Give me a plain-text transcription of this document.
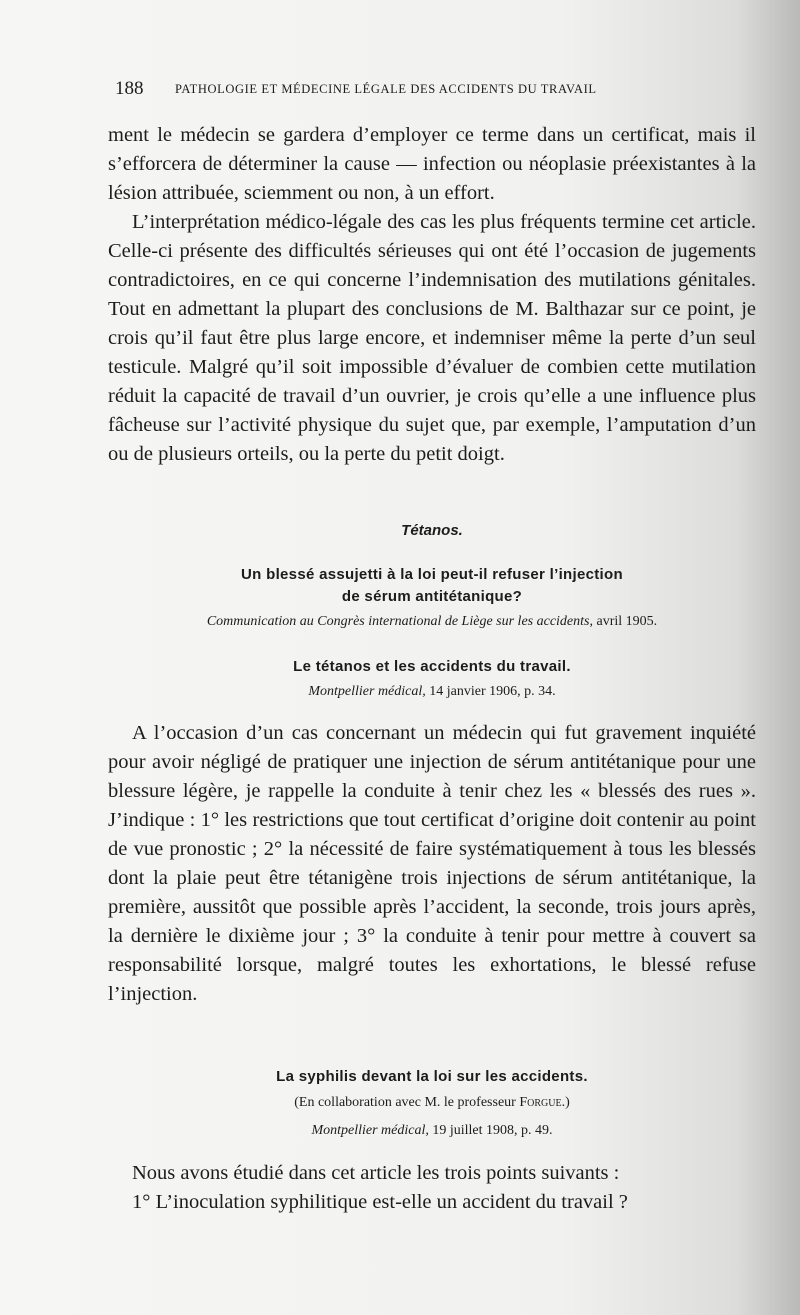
188	PATHOLOGIE ET MÉDECINE LÉGALE DES ACCIDENTS DU TRAVAIL

ment le médecin se gardera d’employer ce terme dans un certificat, mais il s’efforcera de déterminer la cause — infection ou néoplasie préexistantes à la lésion attribuée, sciemment ou non, à un effort.

L’interprétation médico-légale des cas les plus fréquents termine cet article. Celle-ci présente des difficultés sérieuses qui ont été l’occasion de jugements contradictoires, en ce qui concerne l’indemnisation des mutilations génitales. Tout en admettant la plupart des conclusions de M. Balthazar sur ce point, je crois qu’il faut être plus large encore, et indemniser même la perte d’un seul testicule. Malgré qu’il soit impossible d’évaluer de combien cette mutilation réduit la capacité de travail d’un ouvrier, je crois qu’elle a une influence plus fâcheuse sur l’activité physique du sujet que, par exemple, l’amputation d’un ou de plusieurs orteils, ou la perte du petit doigt.

Tétanos.
Un blessé assujetti à la loi peut-il refuser l’injection
de sérum antitétanique?
Communication au Congrès international de Liège sur les accidents, avril 1905.
Le tétanos et les accidents du travail.
Montpellier médical, 14 janvier 1906, p. 34.

A l’occasion d’un cas concernant un médecin qui fut gravement inquiété pour avoir négligé de pratiquer une injection de sérum antitétanique pour une blessure légère, je rappelle la conduite à tenir chez les « blessés des rues ». J’indique : 1° les restrictions que tout certificat d’origine doit contenir au point de vue pronostic ; 2° la nécessité de faire systématiquement à tous les blessés dont la plaie peut être tétanigène trois injections de sérum antitétanique, la première, aussitôt que possible après l’accident, la seconde, trois jours après, la dernière le dixième jour ; 3° la conduite à tenir pour mettre à couvert sa responsabilité lorsque, malgré toutes les exhortations, le blessé refuse l’injection.

La syphilis devant la loi sur les accidents.
(En collaboration avec M. le professeur Forgue.)
Montpellier médical, 19 juillet 1908, p. 49.

Nous avons étudié dans cet article les trois points suivants :

1° L’inoculation syphilitique est-elle un accident du travail ?
